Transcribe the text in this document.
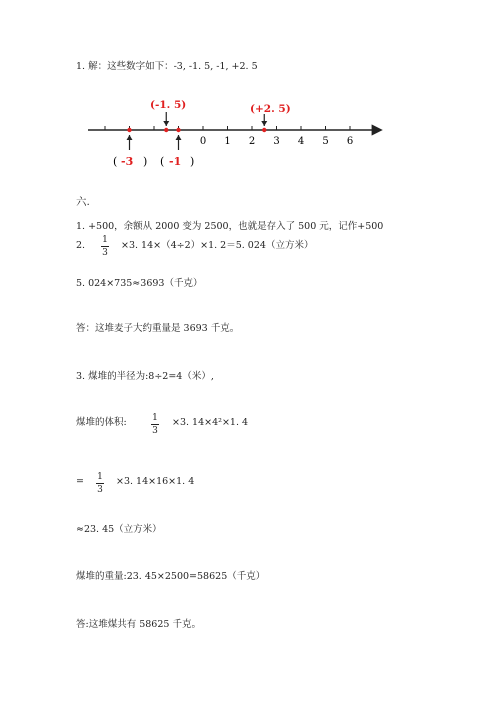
1. 解：这些数字如下：-3, -1. 5, -1, +2. 5
0 1 2 3 4 5 6
(-1. 5)	(+2. 5)
( -3 ) ( -1 )
六.
1. +500，余额从 2000 变为 2500，也就是存入了 500 元，记作+500
2. 1
3
×3. 14×（4÷2）×1. 2＝5. 024（立方米）
5. 024×735≈3693（千克）
答：这堆麦子大约重量是 3693 千克。
3. 煤堆的半径为:8÷2=4（米）,
煤堆的体积:	1
3
×3. 14×4²×1. 4
= 1
3
×3. 14×16×1. 4
≈23. 45（立方米）
煤堆的重量:23. 45×2500=58625（千克）
答:这堆煤共有 58625 千克。
